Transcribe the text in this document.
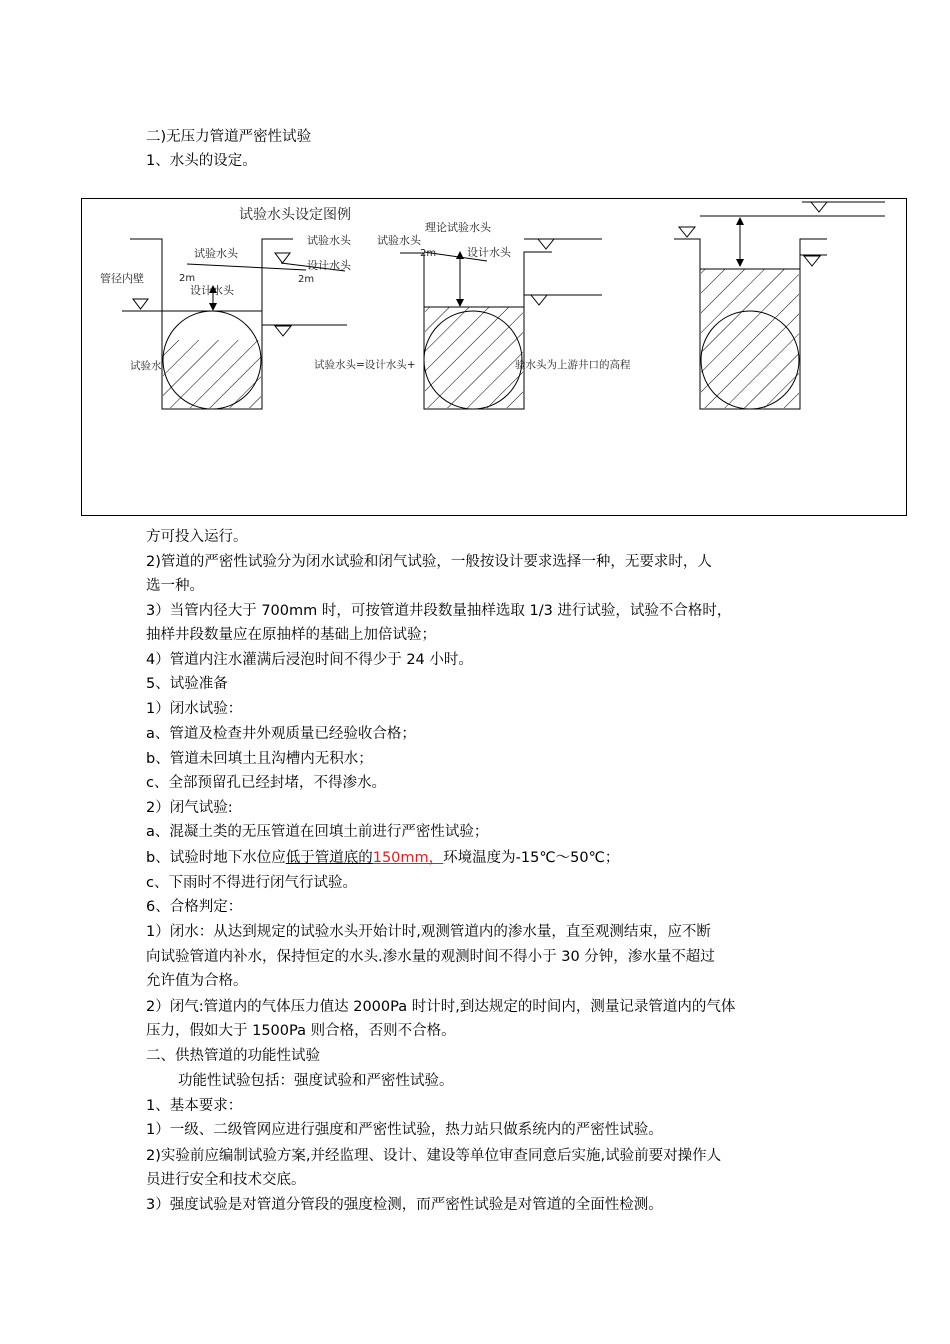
二)无压力管道严密性试验
1、水头的设定。
试验水头设定图例
管径内壁
试验水头
2m
设计水头
试验水头
设计水头
2m
试验水
试验水头
2m
理论试验水头
设计水头
试验水头=设计水头+	验水头为上游井口的高程
方可投入运行。
2)管道的严密性试验分为闭水试验和闭气试验，一般按设计要求选择一种，无要求时，人
选一种。
3）当管内径大于 700mm 时，可按管道井段数量抽样选取 1/3 进行试验，试验不合格时，
抽样井段数量应在原抽样的基础上加倍试验；
4）管道内注水灌满后浸泡时间不得少于 24 小时。
5、试验准备
1）闭水试验：
a、管道及检查井外观质量已经验收合格；
b、管道未回填土且沟槽内无积水；
c、全部预留孔已经封堵，不得渗水。
2）闭气试验:
a、混凝土类的无压管道在回填土前进行严密性试验；
b、试验时地下水位应低于管道底的150mm，环境温度为-15℃～50℃；
c、下雨时不得进行闭气行试验。
6、合格判定：
1）闭水：从达到规定的试验水头开始计时,观测管道内的渗水量，直至观测结束，应不断
向试验管道内补水，保持恒定的水头.渗水量的观测时间不得小于 30 分钟，渗水量不超过
允许值为合格。
2）闭气:管道内的气体压力值达 2000Pa 时计时,到达规定的时间内，测量记录管道内的气体
压力，假如大于 1500Pa 则合格，否则不合格。
二、供热管道的功能性试验
功能性试验包括：强度试验和严密性试验。
1、基本要求：
1）一级、二级管网应进行强度和严密性试验，热力站只做系统内的严密性试验。
2)实验前应编制试验方案,并经监理、设计、建设等单位审查同意后实施,试验前要对操作人
员进行安全和技术交底。
3）强度试验是对管道分管段的强度检测，而严密性试验是对管道的全面性检测。
